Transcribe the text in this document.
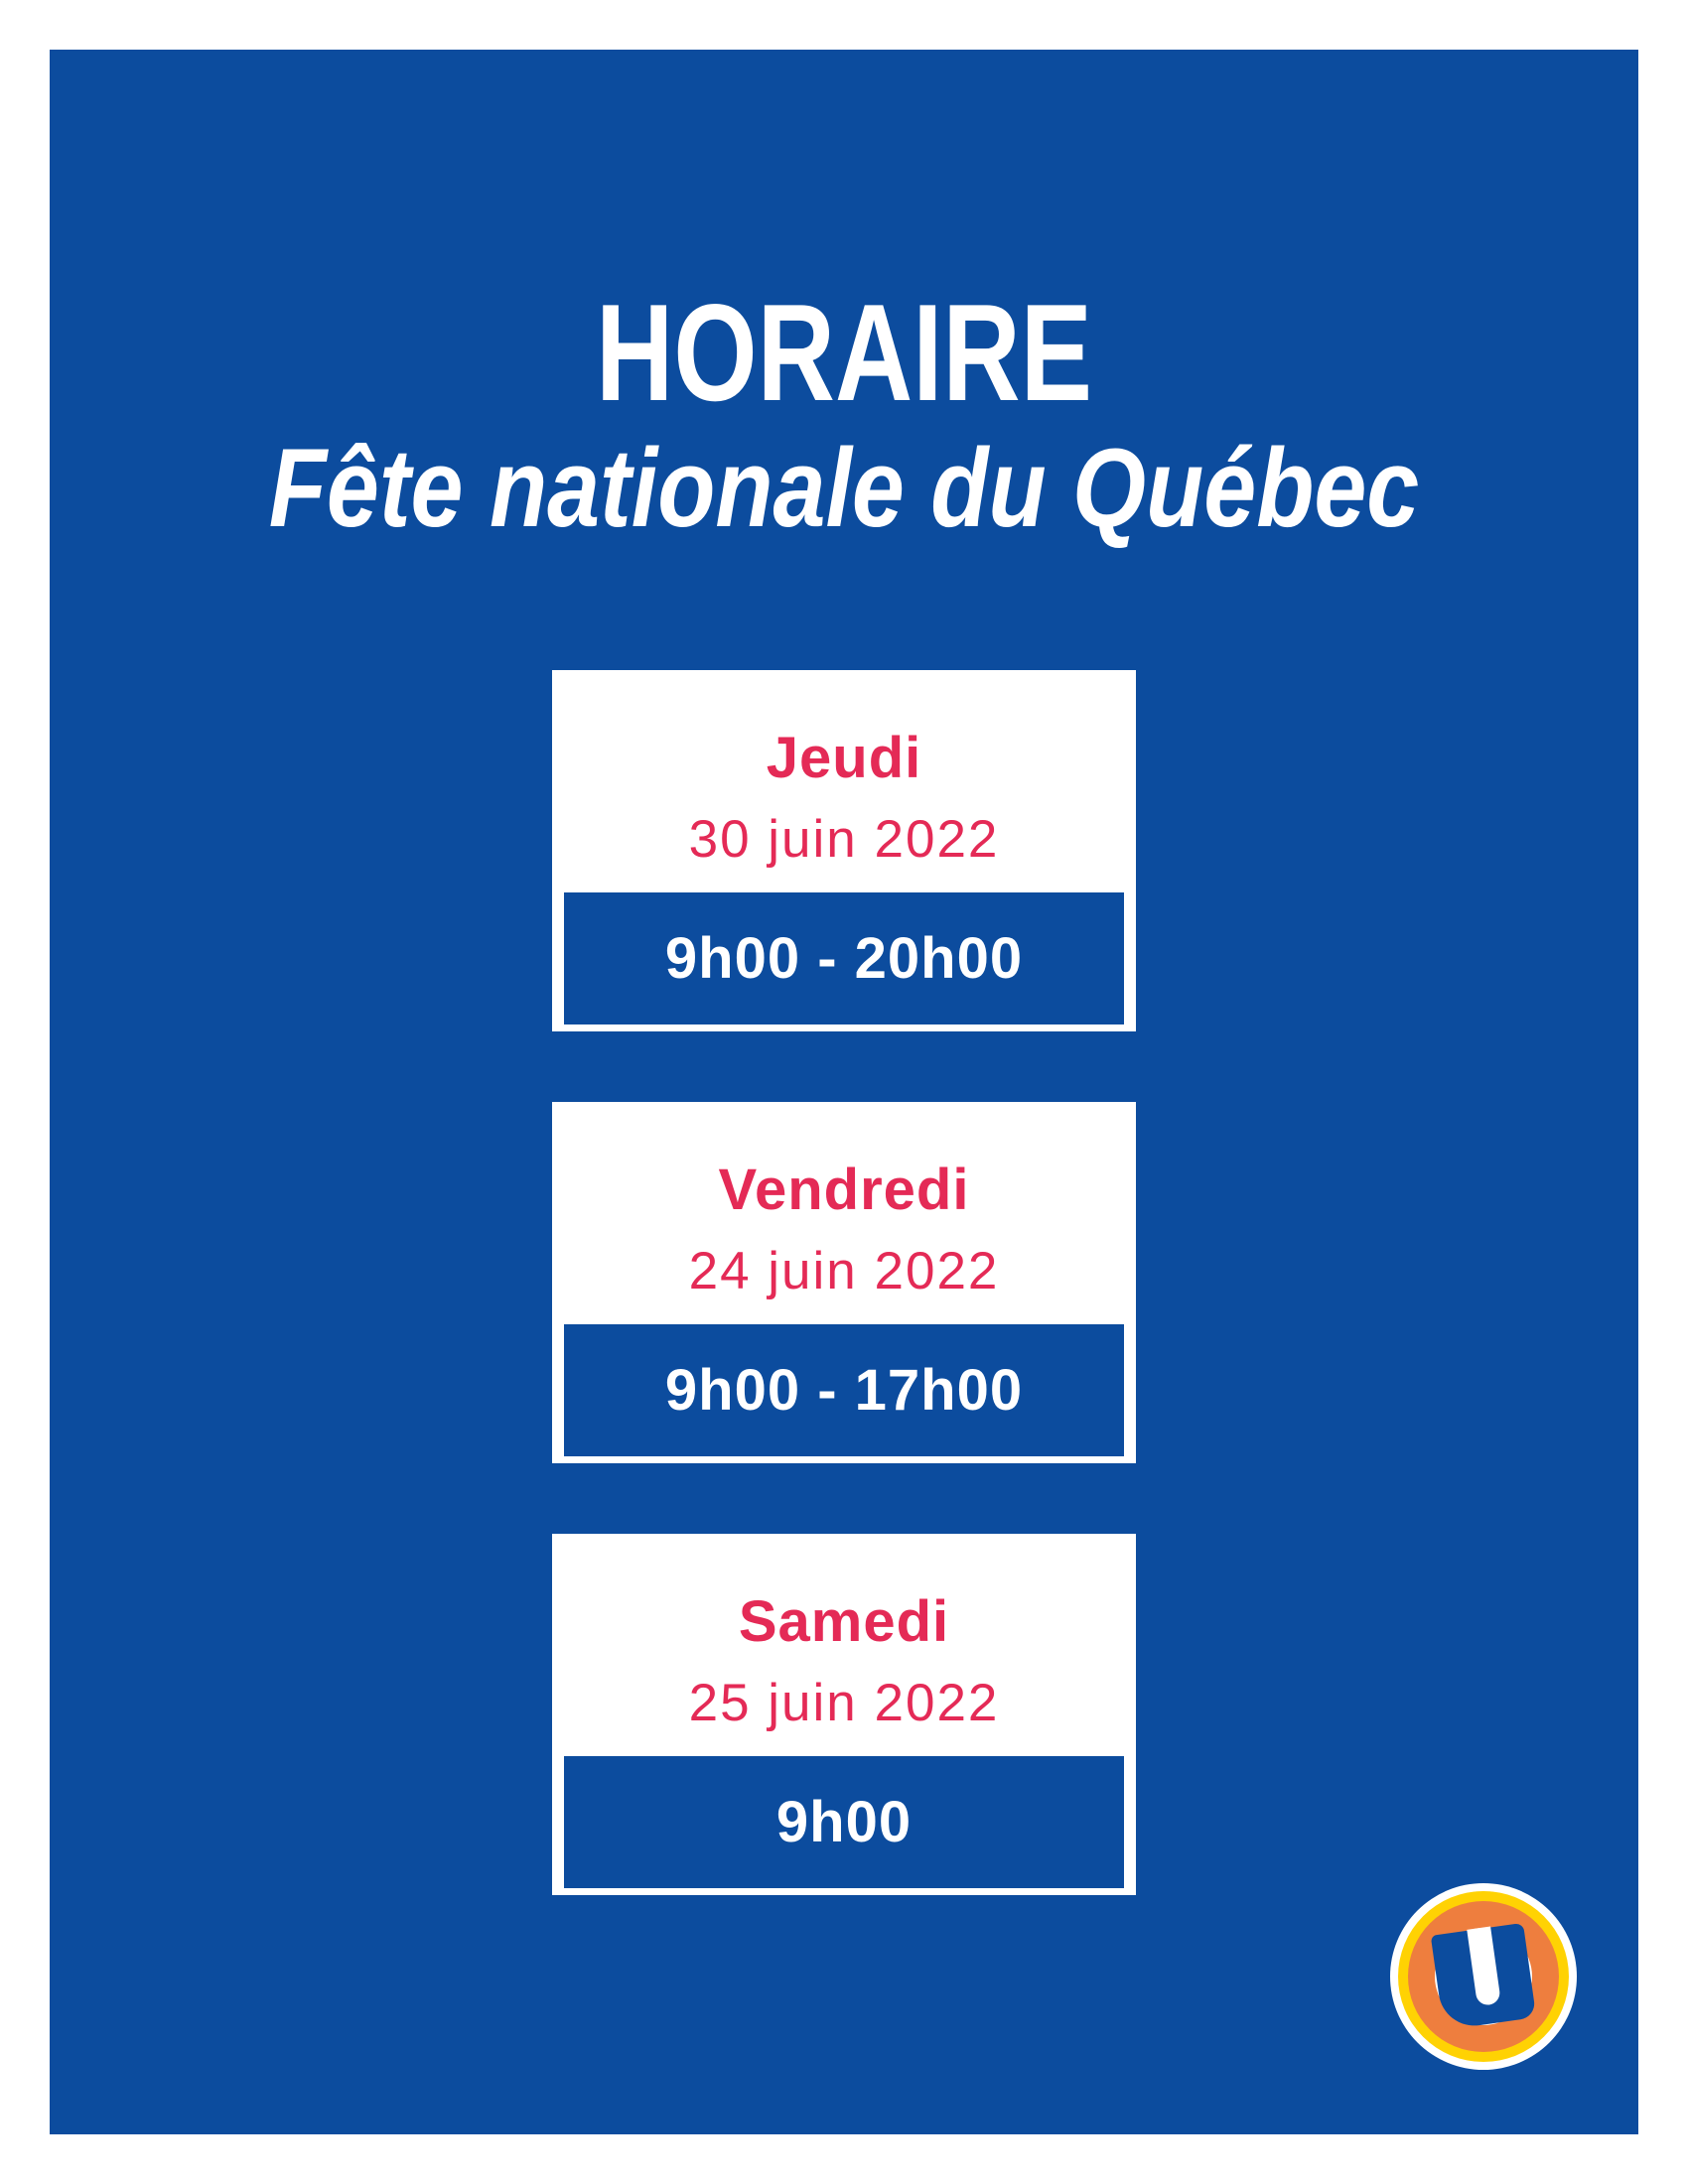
HORAIRE
Fête nationale du Québec
Jeudi
30 juin 2022
9h00 - 20h00
Vendredi
24 juin 2022
9h00 - 17h00
Samedi
25 juin 2022
9h00
